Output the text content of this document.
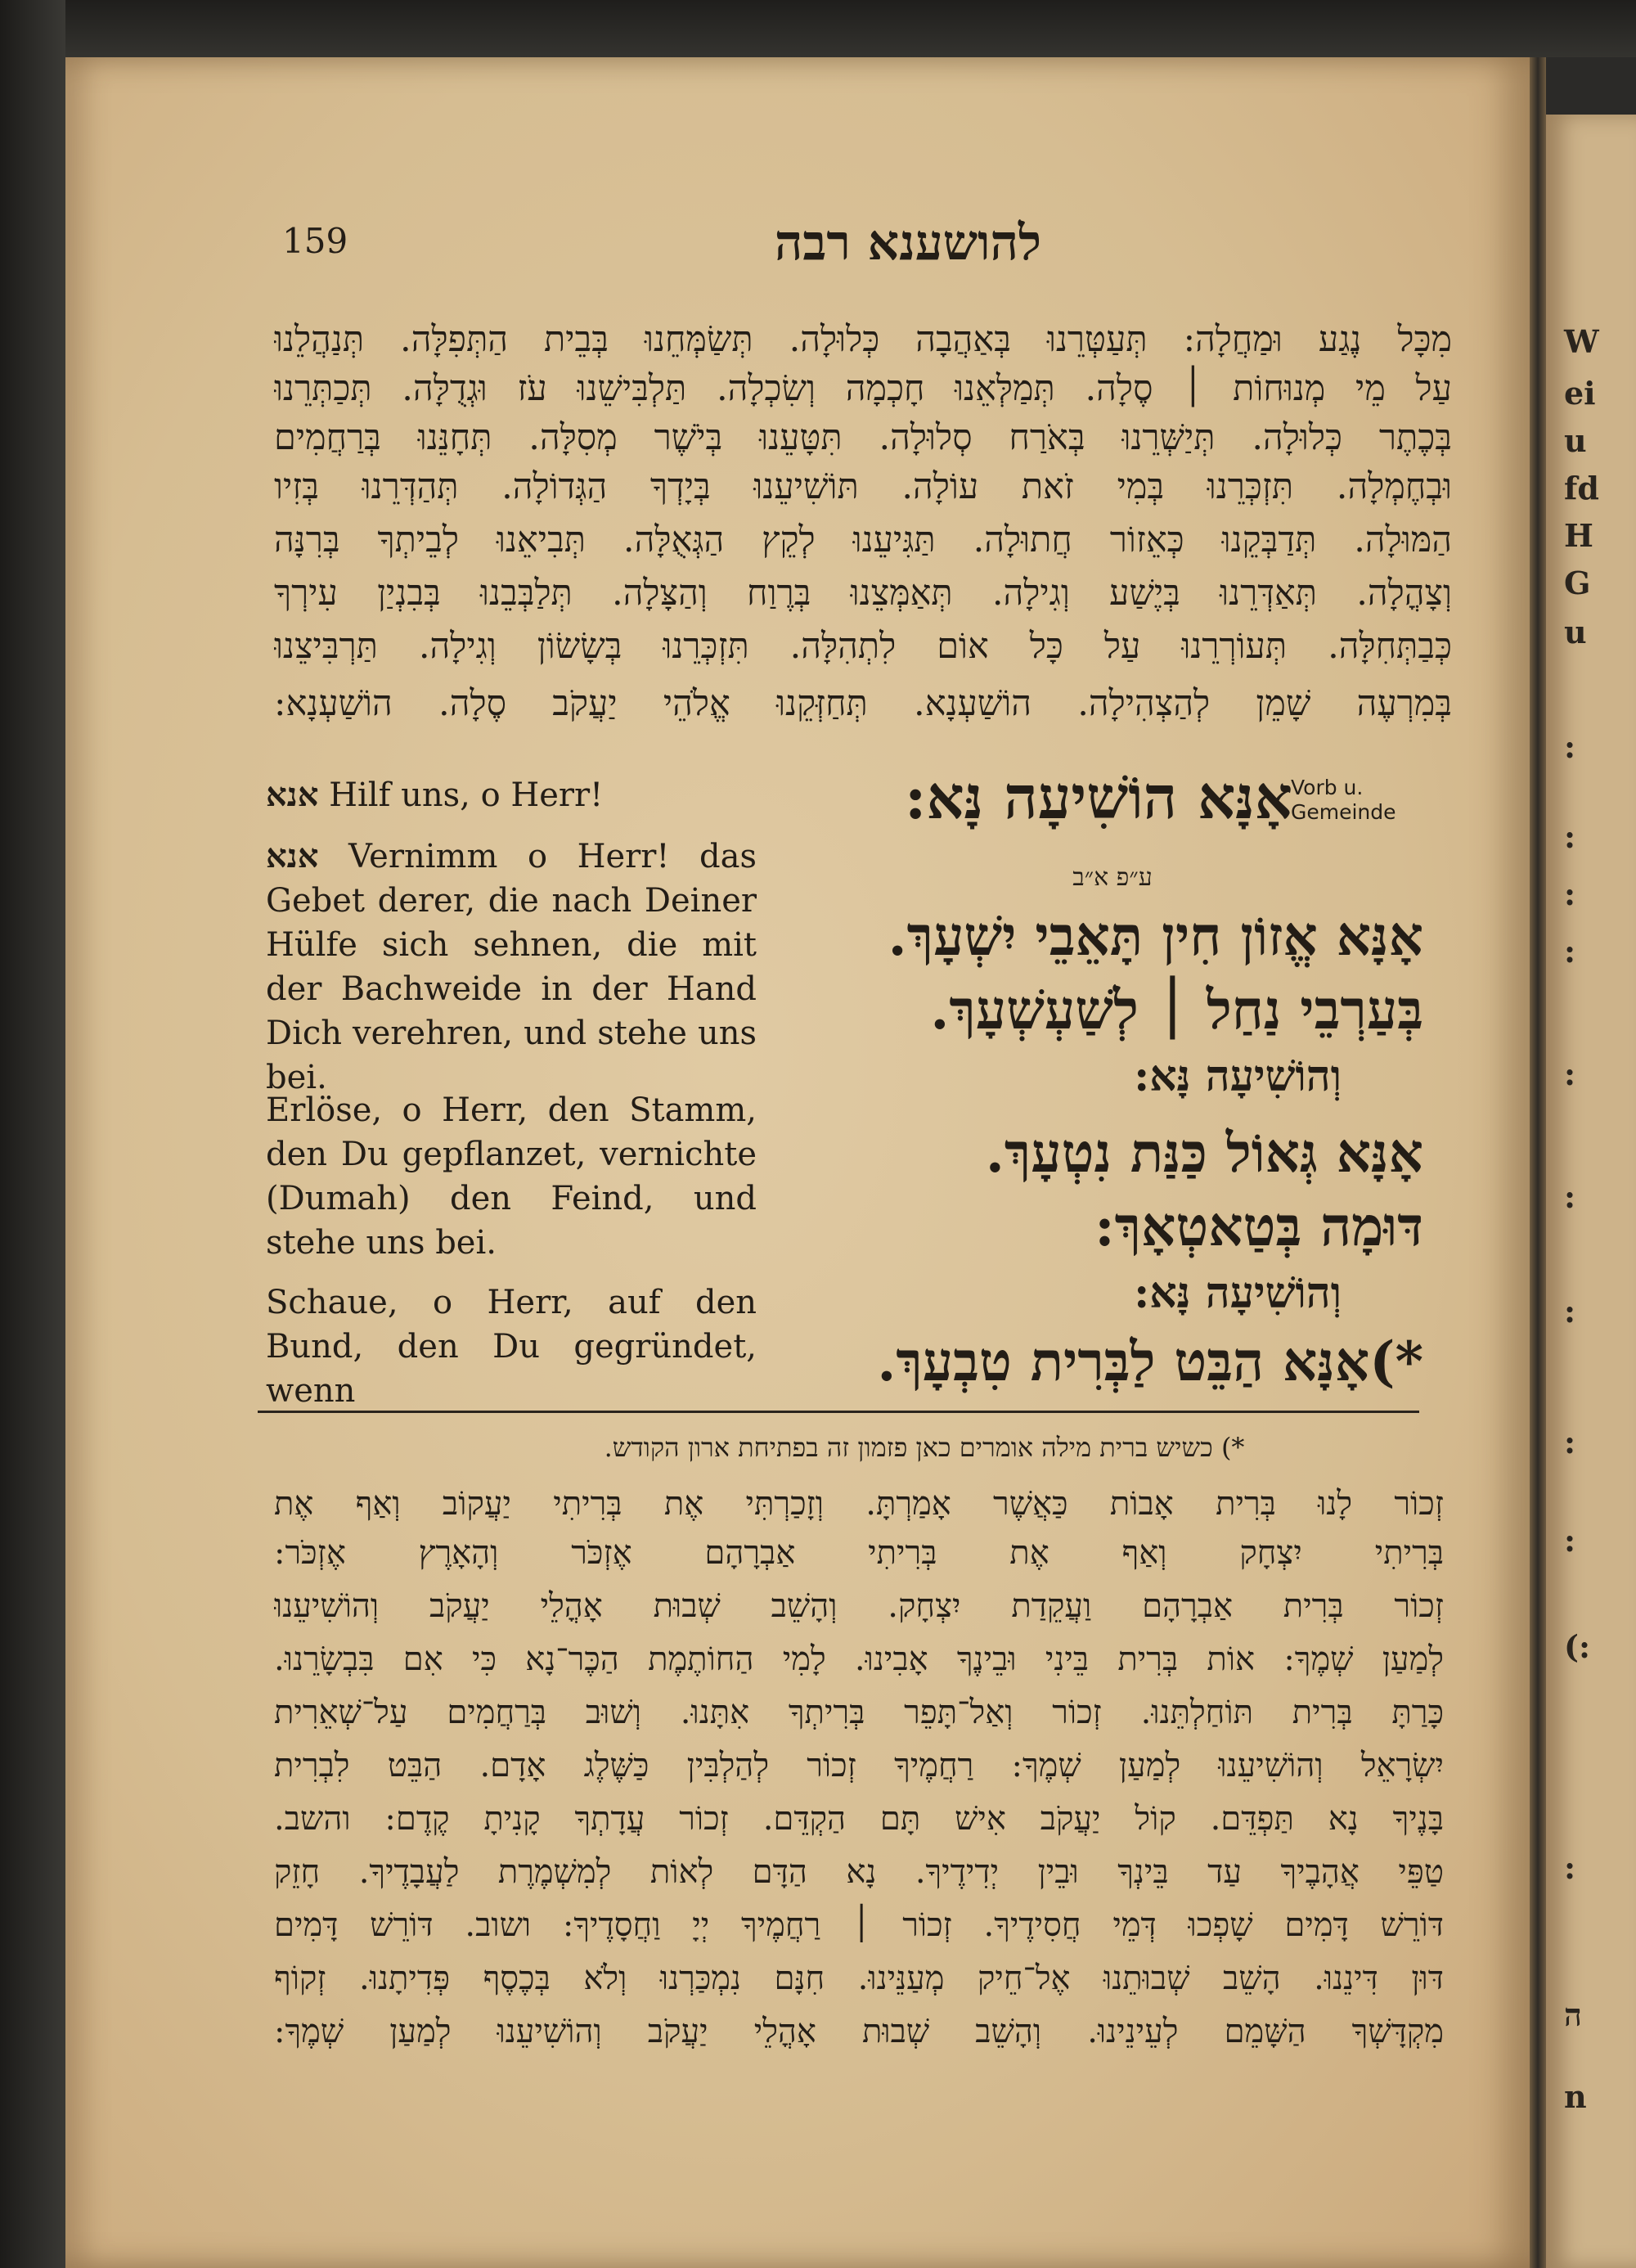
W
ei
u
fd
H
G
u
:
:
:
:
:
:
:
:
:
(:
:
ה
n
159	להושענא רבה
מִכָּל נֶגַע וּמַחֲלָה: תְּעַטְּרֵנוּ בְּאַהֲבָה כְּלוּלָה. תְּשַׂמְּחֵנוּ בְּבֵית הַתְּפִלָּה. תְּנַהֲלֵנוּ
עַל מֵי מְנוּחוֹת ׀ סֶלָה. תְּמַלְּאֵנוּ חָכְמָה וְשִׂכְלָה. תַּלְבִּישֵׁנוּ עֹז וּגְדֻלָּה. תְּכַתְּרֵנוּ
בְּכֶתֶר כְּלוּלָה. תְּיַשְּׁרֵנוּ בְּאֹרַח סְלוּלָה. תִּטָּעֵנוּ בְּיֹשֶׁר מְסִלָּה. תְּחָנֵּנוּ בְּרַחֲמִים
וּבְחֶמְלָה. תִּזְכְּרֵנוּ בְּמִי זֹאת עוֹלָה. תּוֹשִׁיעֵנוּ בְּיָדְךָ הַגְּדוֹלָה. תְּהַדְּרֵנוּ בְּזִיו
הַמּוּלָה. תְּדַבְּקֵנוּ כְּאֵזוֹר חֲתוּלָה. תַּגִּיעֵנוּ לְקֵץ הַגְּאֻלָּה. תְּבִיאֵנוּ לְבֵיתְךָ בְּרִנָּה
וְצָהֳלָה. תְּאַדְּרֵנוּ בְּיֶשַׁע וְגִילָה. תְּאַמְּצֵנוּ בְּרֶוַח וְהַצָּלָה. תְּלַבְּבֵנוּ בְּבִנְיַן עִירְךָ
כְּבַתְּחִלָּה. תְּעוֹרְרֵנוּ עַל כָּל אוֹם לִתְהִלָּה. תִּזְכְּרֵנוּ בְּשָׂשׂוֹן וְגִילָה. תַּרְבִּיצֵנוּ
בְּמִרְעֶה שָׁמֵן לְהַצְהִילָה. הוֹשַׁעְנָא. תְּחַזְּקֵנוּ אֱלֹהֵי יַעֲקֹב סֶלָה. הוֹשַׁעְנָא:
Vorb u.
Gemeinde
אָנָּא הוֹשִׁיעָה נָּא:
ע״פ א״ב
אָנָּא אֱזוֹן חִין תָּאֵבֵי יִשְׁעָךְ.
בְּעַרְבֵי נַחַל ׀ לְשַׁעְשְׁעָךְ.
וְהוֹשִׁיעָה נָּא:
אָנָּא גְּאוֹל כַּנַּת נִטְעָךְ.
דּוּמָה בְּטַאטְאָךְ:
וְהוֹשִׁיעָה נָּא:
*)אָנָּא הַבֵּט לַבְּרִית טִבְעָךְ.
אנא Hilf uns, o Herr!
אנא Vernimm o Herr! das Gebet derer, die nach Deiner Hülfe sich sehnen, die mit der Bachweide in der Hand Dich verehren, und stehe uns bei.
Erlöse, o Herr, den Stamm, den Du gepflanzet, vernichte (Dumah) den Feind, und stehe uns bei.
Schaue, o Herr, auf den Bund, den Du gegründet, wenn
*) כשיש ברית מילה אומרים כאן פזמון זה בפתיחת ארון הקודש.
זְכוֹר לָנוּ בְּרִית אָבוֹת כַּאֲשֶׁר אָמַרְתָּ. וְזָכַרְתִּי אֶת בְּרִיתִי יַעֲקוֹב וְאַף אֶת
בְּרִיתִי יִצְחָק וְאַף אֶת בְּרִיתִי אַבְרָהָם אֶזְכֹּר וְהָאָרֶץ אֶזְכֹּר:
זְכוֹר בְּרִית אַבְרָהָם וַעֲקֵדַת יִצְחָק. וְהָשֵׁב שְׁבוּת אָהֳלֵי יַעֲקֹב וְהוֹשִׁיעֵנוּ
לְמַעַן שְׁמֶךָ: אוֹת בְּרִית בֵּינִי וּבֵינֶךָ אָבִינוּ. לָמִי הַחוֹתֶמֶת הַכֶּר־נָא כִּי אִם בִּבְשָׂרֵנוּ.
כָּרַתָּ בְּרִית תּוֹחַלְתֵּנוּ. זְכוֹר וְאַל־תָּפֵר בְּרִיתְךָ אִתָּנוּ. וְשׁוּב בְּרַחֲמִים עַל־שְׁאֵרִית
יִשְׂרָאֵל וְהוֹשִׁיעֵנוּ לְמַעַן שְׁמֶךָ: רַחֲמֶיךָ זְכוֹר לְהַלְבִּין כַּשֶּׁלֶג אָדָם. הַבֵּט לִבְרִית
בָּנֶיךָ נָא תַּפְדֵּם. קוֹל יַעֲקֹב אִישׁ תָּם הַקְדֵּם. זְכוֹר עֲדָתְךָ קָנִיתָ קֶדֶם: והשב.
טַפֵּי אֲהָבֶיךָ עַד בֵּינְךָ וּבֵין יְדִידֶיךָ. נָא הַדָּם לְאוֹת לְמִשְׁמֶרֶת לַעֲבָדֶיךָ. חָזֵק
דּוֹרֵשׁ דָּמִים שָׁפְכוּ דְּמֵי חֲסִידֶיךָ. זְכוֹר ׀ רַחֲמֶיךָ יְיָ וַחֲסָדֶיךָ: ושוב. דּוֹרֵשׁ דָּמִים
דּוּן דִּינֵנוּ. הָשֵׁב שְׁבוּתֵנוּ אֶל־חֵיק מְעַנֵּינוּ. חִנָּם נִמְכַּרְנוּ וְלֹא בְּכֶסֶף פְּדִיתָנוּ. זְקוֹף
מִקְדָּשְׁךָ הַשָּׁמֵם לְעֵינֵינוּ. וְהָשֵׁב שְׁבוּת אָהֳלֵי יַעֲקֹב וְהוֹשִׁיעֵנוּ לְמַעַן שְׁמֶךָ:
